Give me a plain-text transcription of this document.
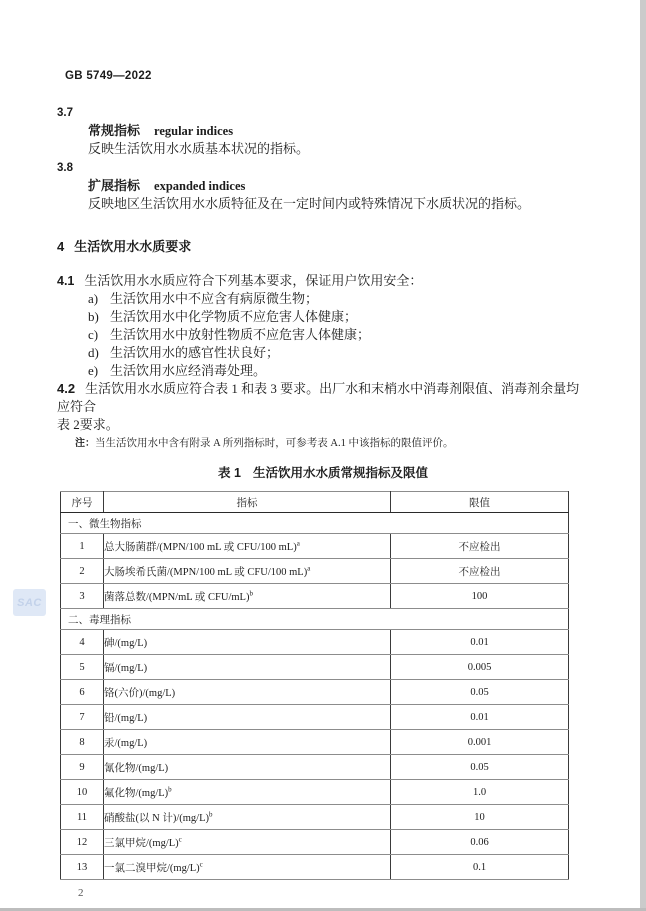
SAC
GB 5749—2022
3.7
常规指标 regular indices
反映生活饮用水水质基本状况的指标。
3.8
扩展指标 expanded indices
反映地区生活饮用水水质特征及在一定时间内或特殊情况下水质状况的指标。
4 生活饮用水水质要求
4.1 生活饮用水水质应符合下列基本要求，保证用户饮用安全：
a) 生活饮用水中不应含有病原微生物；
b) 生活饮用水中化学物质不应危害人体健康；
c) 生活饮用水中放射性物质不应危害人体健康；
d) 生活饮用水的感官性状良好；
e) 生活饮用水应经消毒处理。
4.2 生活饮用水水质应符合表 1 和表 3 要求。出厂水和末梢水中消毒剂限值、消毒剂余量均应符合
表 2要求。
注：当生活饮用水中含有附录 A 所列指标时，可参考表 A.1 中该指标的限值评价。
表 1 生活饮用水水质常规指标及限值
序号	指标	限值
一、微生物指标		
1	总大肠菌群/(MPN/100 mL 或 CFU/100 mL)$^a$	不应检出
2	大肠埃希氏菌/(MPN/100 mL 或 CFU/100 mL)$^a$	不应检出
3	菌落总数/(MPN/mL 或 CFU/mL)$^b$	100
二、毒理指标		
4	砷/(mg/L)	0.01
5	镉/(mg/L)	0.005
6	铬(六价)/(mg/L)	0.05
7	铅/(mg/L)	0.01
8	汞/(mg/L)	0.001
9	氰化物/(mg/L)	0.05
10	氟化物$/(mg/L)^b$	1.0
11	硝酸盐(以 N 计)$/(mg/L)^b$	10
12	三氯甲烷$/(mg/L)^c$	0.06
13	一氯二溴甲烷$/(mg/L)^c$	0.1
2
